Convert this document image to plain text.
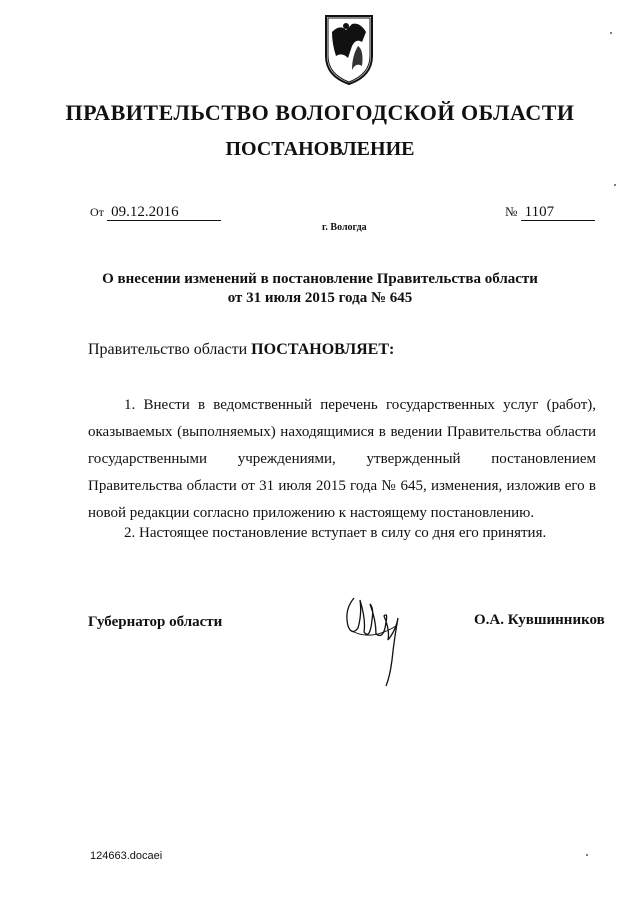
ПРАВИТЕЛЬСТВО ВОЛОГОДСКОЙ ОБЛАСТИ
ПОСТАНОВЛЕНИЕ
От 09.12.2016	№ 1107
г. Вологда
О внесении изменений в постановление Правительства области
от 31 июля 2015 года № 645
Правительство области ПОСТАНОВЛЯЕТ:
1. Внести в ведомственный перечень государственных услуг (работ), оказываемых (выполняемых) находящимися в ведении Правительства области государственными учреждениями, утвержденный постановлением Правительства области от 31 июля 2015 года № 645, изменения, изложив его в новой редакции согласно приложению к настоящему постановлению.
2. Настоящее постановление вступает в силу со дня его принятия.
Губернатор области	О.А. Кувшинников
124663.docaei
